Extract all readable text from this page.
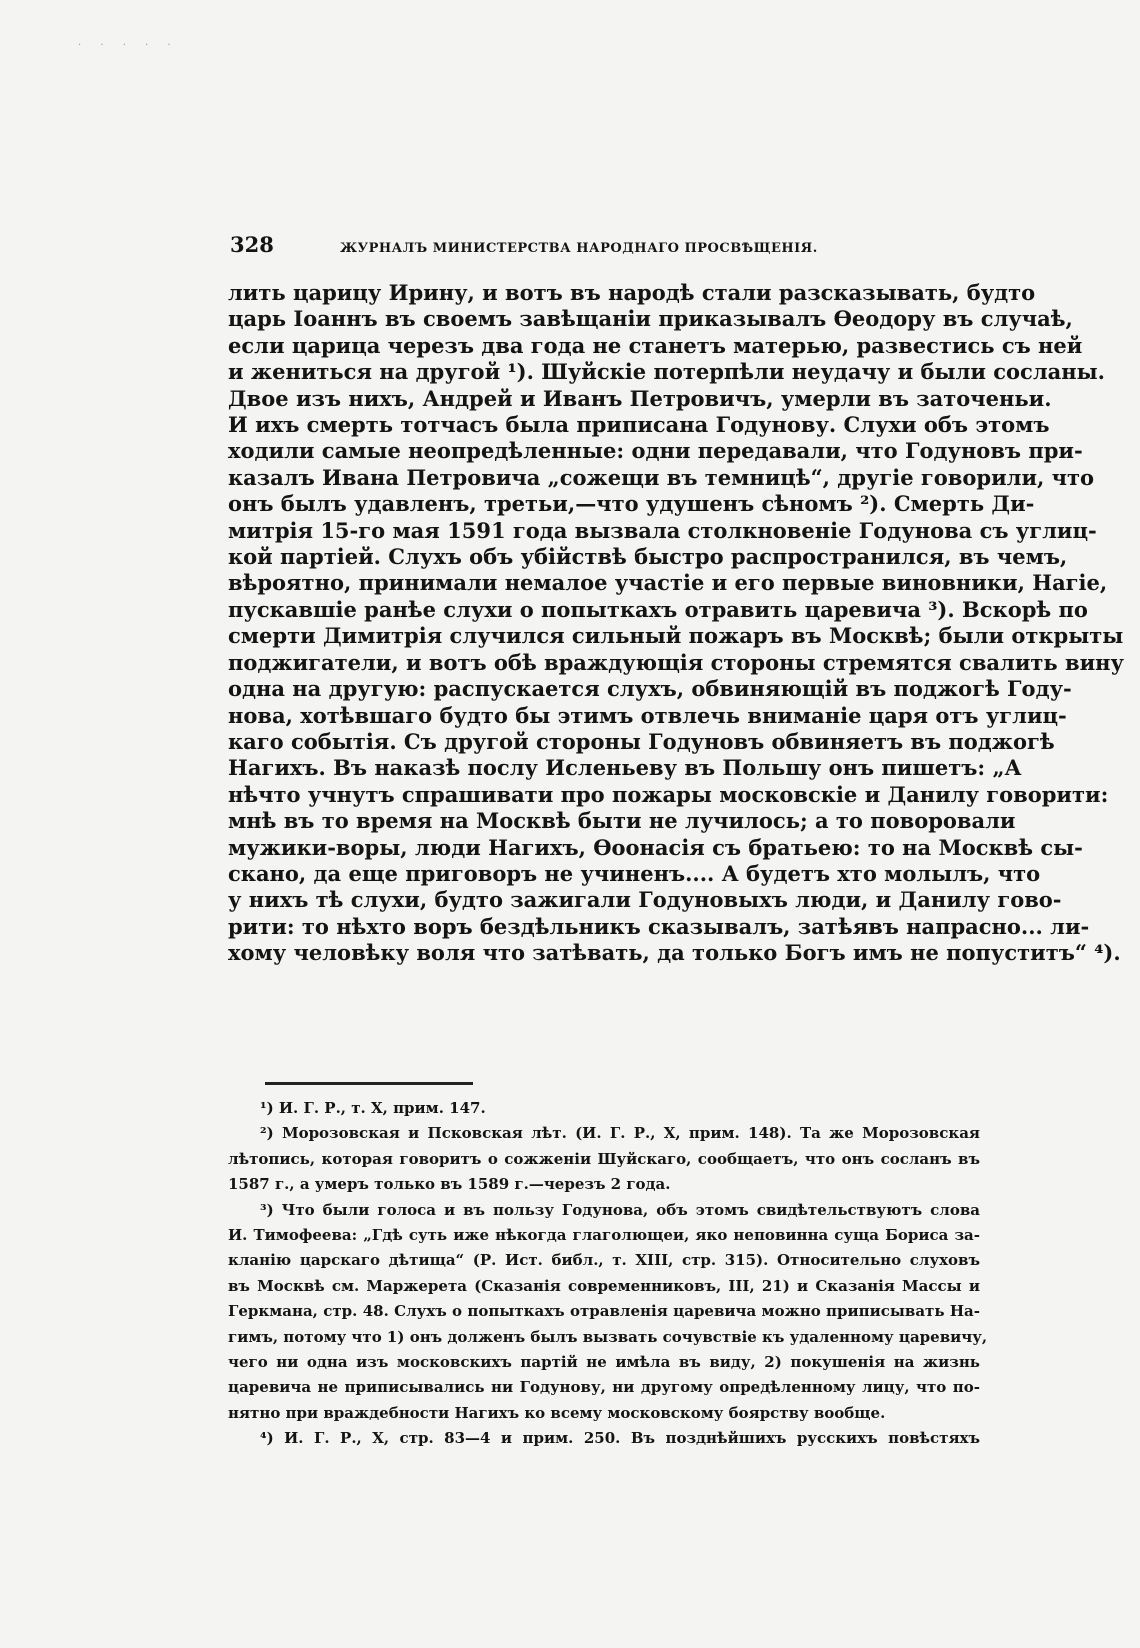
· · · · ·
328	ЖУРНАЛЪ МИНИСТЕРСТВА НАРОДНАГО ПРОСВѢЩЕНІЯ.
лить царицу Ирину, и вотъ въ народѣ стали разсказывать, будто
царь Іоаннъ въ своемъ завѣщаніи приказывалъ Ѳеодору въ случаѣ,
если царица черезъ два года не станетъ матерью, развестись съ ней
и жениться на другой ¹). Шуйскіе потерпѣли неудачу и были сосланы.
Двое изъ нихъ, Андрей и Иванъ Петровичъ, умерли въ заточеньи.
И ихъ смерть тотчасъ была приписана Годунову. Слухи объ этомъ
ходили самые неопредѣленные: одни передавали, что Годуновъ при-
казалъ Ивана Петровича „сожещи въ темницѣ“, другіе говорили, что
онъ былъ удавленъ, третьи,—что удушенъ сѣномъ ²). Смерть Ди-
митрія 15-го мая 1591 года вызвала столкновеніе Годунова съ углиц-
кой партіей. Слухъ объ убійствѣ быстро распространился, въ чемъ,
вѣроятно, принимали немалое участіе и его первые виновники, Нагіе,
пускавшіе ранѣе слухи о попыткахъ отравить царевича ³). Вскорѣ по
смерти Димитрія случился сильный пожаръ въ Москвѣ; были открыты
поджигатели, и вотъ обѣ враждующія стороны стремятся свалить вину
одна на другую: распускается слухъ, обвиняющій въ поджогѣ Году-
нова, хотѣвшаго будто бы этимъ отвлечь вниманіе царя отъ углиц-
каго событія. Съ другой стороны Годуновъ обвиняетъ въ поджогѣ
Нагихъ. Въ наказѣ послу Исленьеву въ Польшу онъ пишетъ: „А
нѣчто учнутъ спрашивати про пожары московскіе и Данилу говорити:
мнѣ въ то время на Москвѣ быти не лучилось; а то поворовали
мужики-воры, люди Нагихъ, Ѳоонасія съ братьею: то на Москвѣ сы-
скано, да еще приговоръ не учиненъ.... А будетъ хто молылъ, что
у нихъ тѣ слухи, будто зажигали Годуновыхъ люди, и Данилу гово-
рити: то нѣхто воръ бездѣльникъ сказывалъ, затѣявъ напрасно... ли-
хому человѣку воля что затѣвать, да только Богъ имъ не попуститъ“ ⁴).
¹) И. Г. Р., т. X, прим. 147.
²) Морозовская и Псковская лѣт. (И. Г. Р., X, прим. 148). Та же Морозовская
лѣтопись, которая говоритъ о сожженіи Шуйскаго, сообщаетъ, что онъ сосланъ въ
1587 г., а умеръ только въ 1589 г.—черезъ 2 года.
³) Что были голоса и въ пользу Годунова, объ этомъ свидѣтельствуютъ слова
И. Тимофеева: „Гдѣ суть иже нѣкогда глаголющеи, яко неповинна суща Бориса за-
кланію царскаго дѣтища“ (Р. Ист. библ., т. XIII, стр. 315). Относительно слуховъ
въ Москвѣ см. Маржерета (Сказанія современниковъ, III, 21) и Сказанія Массы и
Геркмана, стр. 48. Слухъ о попыткахъ отравленія царевича можно приписывать На-
гимъ, потому что 1) онъ долженъ былъ вызвать сочувствіе къ удаленному царевичу,
чего ни одна изъ московскихъ партій не имѣла въ виду, 2) покушенія на жизнь
царевича не приписывались ни Годунову, ни другому опредѣленному лицу, что по-
нятно при враждебности Нагихъ ко всему московскому боярству вообще.
⁴) И. Г. Р., X, стр. 83—4 и прим. 250. Въ позднѣйшихъ русскихъ повѣстяхъ
